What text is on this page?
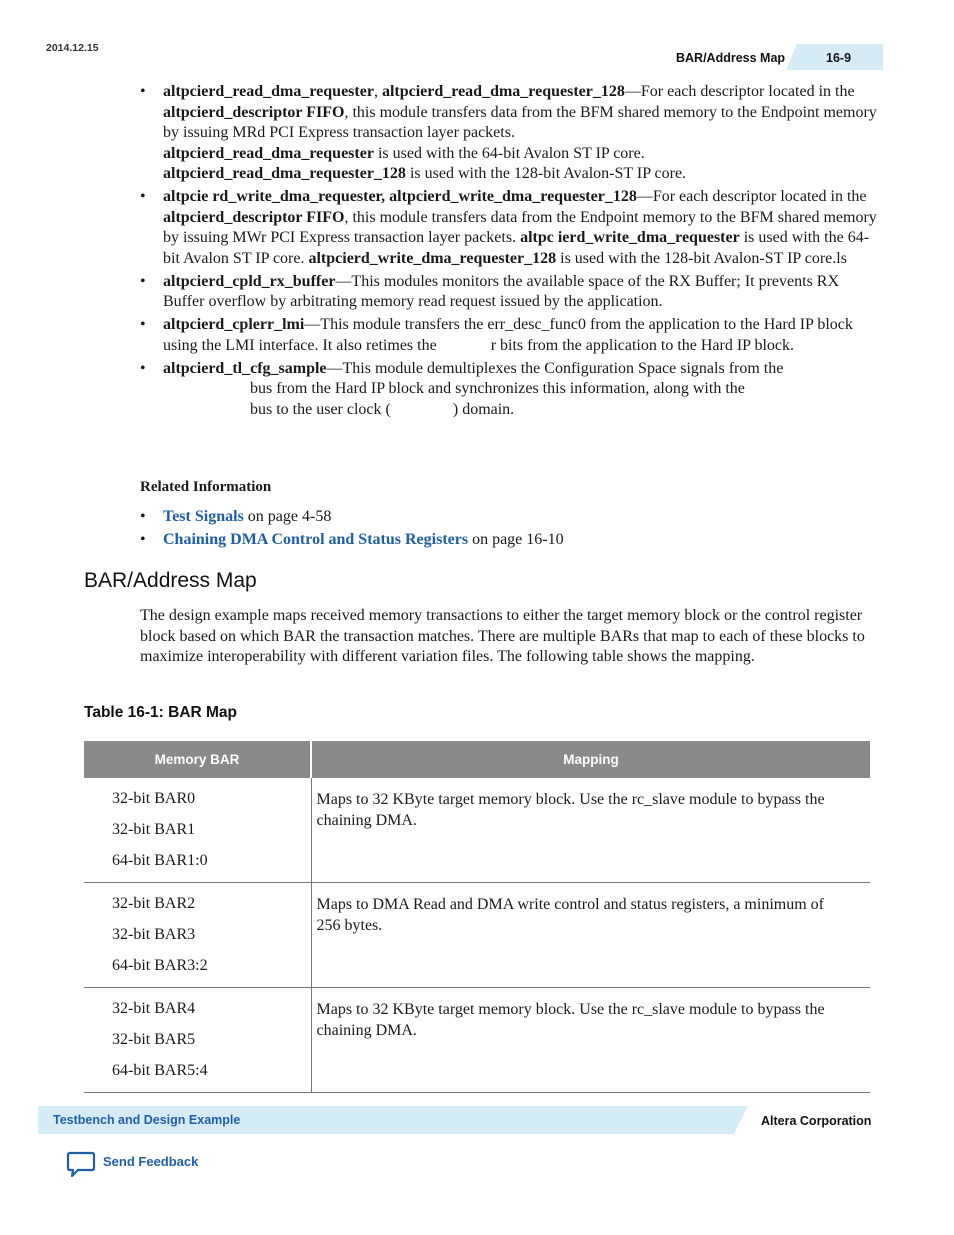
2014.12.15
BAR/Address Map	16-9
• altpcierd_read_dma_requester, altpcierd_read_dma_requester_128—For each descriptor located in the altpcierd_descriptor FIFO, this module transfers data from the BFM shared memory to the Endpoint memory by issuing MRd PCI Express transaction layer packets.
altpcierd_read_dma_requester is used with the 64-bit Avalon ST IP core.
altpcierd_read_dma_requester_128 is used with the 128-bit Avalon-ST IP core.
• altpcie rd_write_dma_requester, altpcierd_write_dma_requester_128—For each descriptor located in the altpcierd_descriptor FIFO, this module transfers data from the Endpoint memory to the BFM shared memory by issuing MWr PCI Express transaction layer packets. altpc ierd_write_dma_requester is used with the 64-bit Avalon ST IP core. altpcierd_write_dma_requester_128 is used with the 128-bit Avalon-ST IP core.ls
• altpcierd_cpld_rx_buffer—This modules monitors the available space of the RX Buffer; It prevents RX Buffer overflow by arbitrating memory read request issued by the application.
• altpcierd_cplerr_lmi—This module transfers the err_desc_func0 from the application to the Hard IP block using the LMI interface. It also retimes the	r bits from the application to the Hard IP block.
• altpcierd_tl_cfg_sample—This module demultiplexes the Configuration Space signals from the
bus from the Hard IP block and synchronizes this information, along with the
bus to the user clock (	) domain.
Related Information
• Test Signals on page 4-58
• Chaining DMA Control and Status Registers on page 16-10
BAR/Address Map
The design example maps received memory transactions to either the target memory block or the control register block based on which BAR the transaction matches. There are multiple BARs that map to each of these blocks to maximize interoperability with different variation files. The following table shows the mapping.
Table 16-1: BAR Map
Memory BAR	Mapping

32-bit BAR0
32-bit BAR1
64-bit BAR1:0	Maps to 32 KByte target memory block. Use the rc_slave module to bypass the chaining DMA.

32-bit BAR2
32-bit BAR3
64-bit BAR3:2	Maps to DMA Read and DMA write control and status registers, a minimum of 256 bytes.

32-bit BAR4
32-bit BAR5
64-bit BAR5:4	Maps to 32 KByte target memory block. Use the rc_slave module to bypass the chaining DMA.
Testbench and Design Example	Altera Corporation
Send Feedback
